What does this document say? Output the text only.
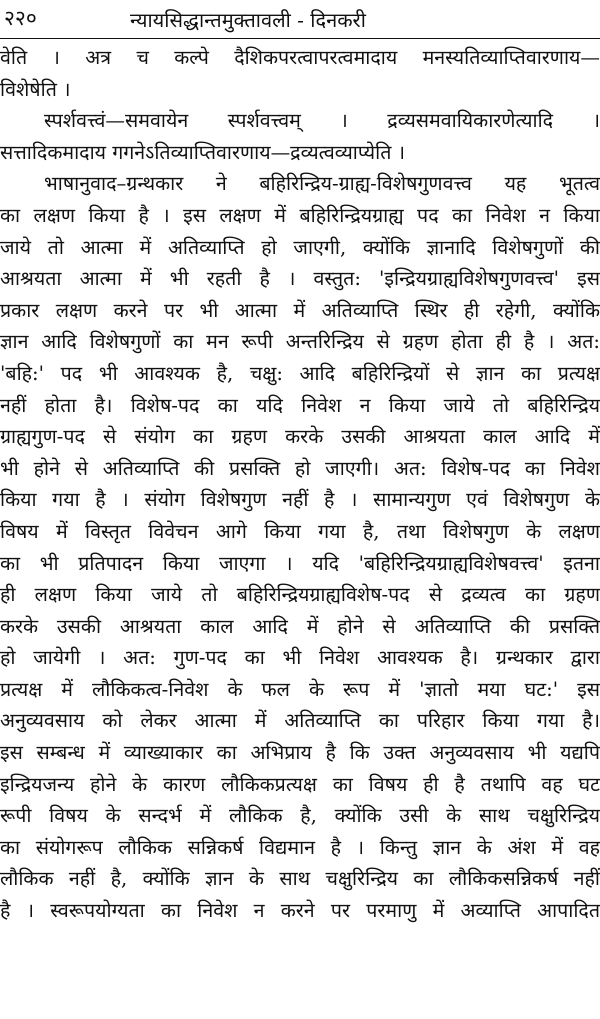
२२०	न्यायसिद्धान्तमुक्तावली - दिनकरी
वेति । अत्र च कल्पे दैशिकपरत्वापरत्वमादाय मनस्यतिव्याप्तिवारणाय—
विशेषेति ।
स्पर्शवत्त्वं—समवायेन स्पर्शवत्त्वम् । द्रव्यसमवायिकारणेत्यादि ।
सत्तादिकमादाय गगनेऽतिव्याप्तिवारणाय—द्रव्यत्वव्याप्येति ।
भाषानुवाद–ग्रन्थकार ने बहिरिन्द्रिय-ग्राह्य-विशेषगुणवत्त्व यह भूतत्व
का लक्षण किया है । इस लक्षण में बहिरिन्द्रियग्राह्य पद का निवेश न किया
जाये तो आत्मा में अतिव्याप्ति हो जाएगी, क्योंकि ज्ञानादि विशेषगुणों की
आश्रयता आत्मा में भी रहती है । वस्तुत: 'इन्द्रियग्राह्यविशेषगुणवत्त्व' इस
प्रकार लक्षण करने पर भी आत्मा में अतिव्याप्ति स्थिर ही रहेगी, क्योंकि
ज्ञान आदि विशेषगुणों का मन रूपी अन्तरिन्द्रिय से ग्रहण होता ही है । अत:
'बहि:' पद भी आवश्यक है, चक्षु: आदि बहिरिन्द्रियों से ज्ञान का प्रत्यक्ष
नहीं होता है। विशेष-पद का यदि निवेश न किया जाये तो बहिरिन्द्रिय
ग्राह्यगुण-पद से संयोग का ग्रहण करके उसकी आश्रयता काल आदि में
भी होने से अतिव्याप्ति की प्रसक्ति हो जाएगी। अत: विशेष-पद का निवेश
किया गया है । संयोग विशेषगुण नहीं है । सामान्यगुण एवं विशेषगुण के
विषय में विस्तृत विवेचन आगे किया गया है, तथा विशेषगुण के लक्षण
का भी प्रतिपादन किया जाएगा । यदि 'बहिरिन्द्रियग्राह्यविशेषवत्त्व' इतना
ही लक्षण किया जाये तो बहिरिन्द्रियग्राह्यविशेष-पद से द्रव्यत्व का ग्रहण
करके उसकी आश्रयता काल आदि में होने से अतिव्याप्ति की प्रसक्ति
हो जायेगी । अत: गुण-पद का भी निवेश आवश्यक है। ग्रन्थकार द्वारा
प्रत्यक्ष में लौकिकत्व-निवेश के फल के रूप में 'ज्ञातो मया घट:' इस
अनुव्यवसाय को लेकर आत्मा में अतिव्याप्ति का परिहार किया गया है।
इस सम्बन्ध में व्याख्याकार का अभिप्राय है कि उक्त अनुव्यवसाय भी यद्यपि
इन्द्रियजन्य होने के कारण लौकिकप्रत्यक्ष का विषय ही है तथापि वह घट
रूपी विषय के सन्दर्भ में लौकिक है, क्योंकि उसी के साथ चक्षुरिन्द्रिय
का संयोगरूप लौकिक सन्निकर्ष विद्यमान है । किन्तु ज्ञान के अंश में वह
लौकिक नहीं है, क्योंकि ज्ञान के साथ चक्षुरिन्द्रिय का लौकिकसन्निकर्ष नहीं
है । स्वरूपयोग्यता का निवेश न करने पर परमाणु में अव्याप्ति आपादित
